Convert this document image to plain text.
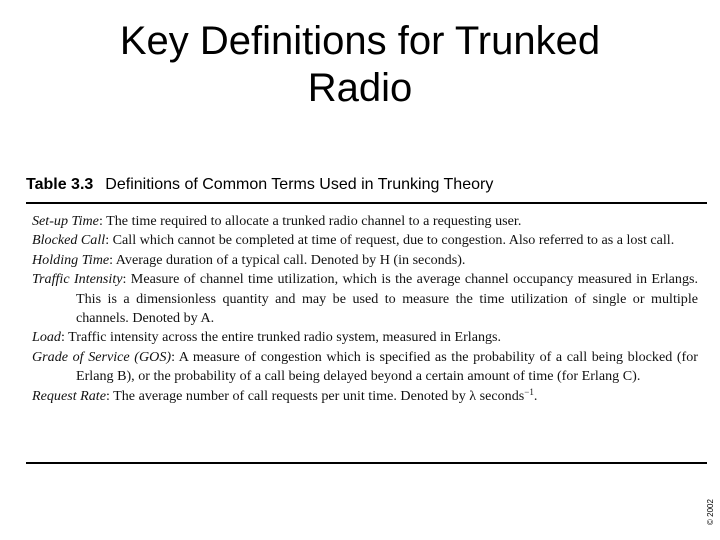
Key Definitions for Trunked
Radio
Table 3.3 Definitions of Common Terms Used in Trunking Theory
Set-up Time: The time required to allocate a trunked radio channel to a requesting user.
Blocked Call: Call which cannot be completed at time of request, due to congestion. Also referred to as a lost call.
Holding Time: Average duration of a typical call. Denoted by H (in seconds).
Traffic Intensity: Measure of channel time utilization, which is the average channel occupancy measured in Erlangs. This is a dimensionless quantity and may be used to measure the time utilization of single or multiple channels. Denoted by A.
Load: Traffic intensity across the entire trunked radio system, measured in Erlangs.
Grade of Service (GOS): A measure of congestion which is specified as the probability of a call being blocked (for Erlang B), or the probability of a call being delayed beyond a certain amount of time (for Erlang C).
Request Rate: The average number of call requests per unit time. Denoted by λ seconds$^{-1}$.
© 2002
